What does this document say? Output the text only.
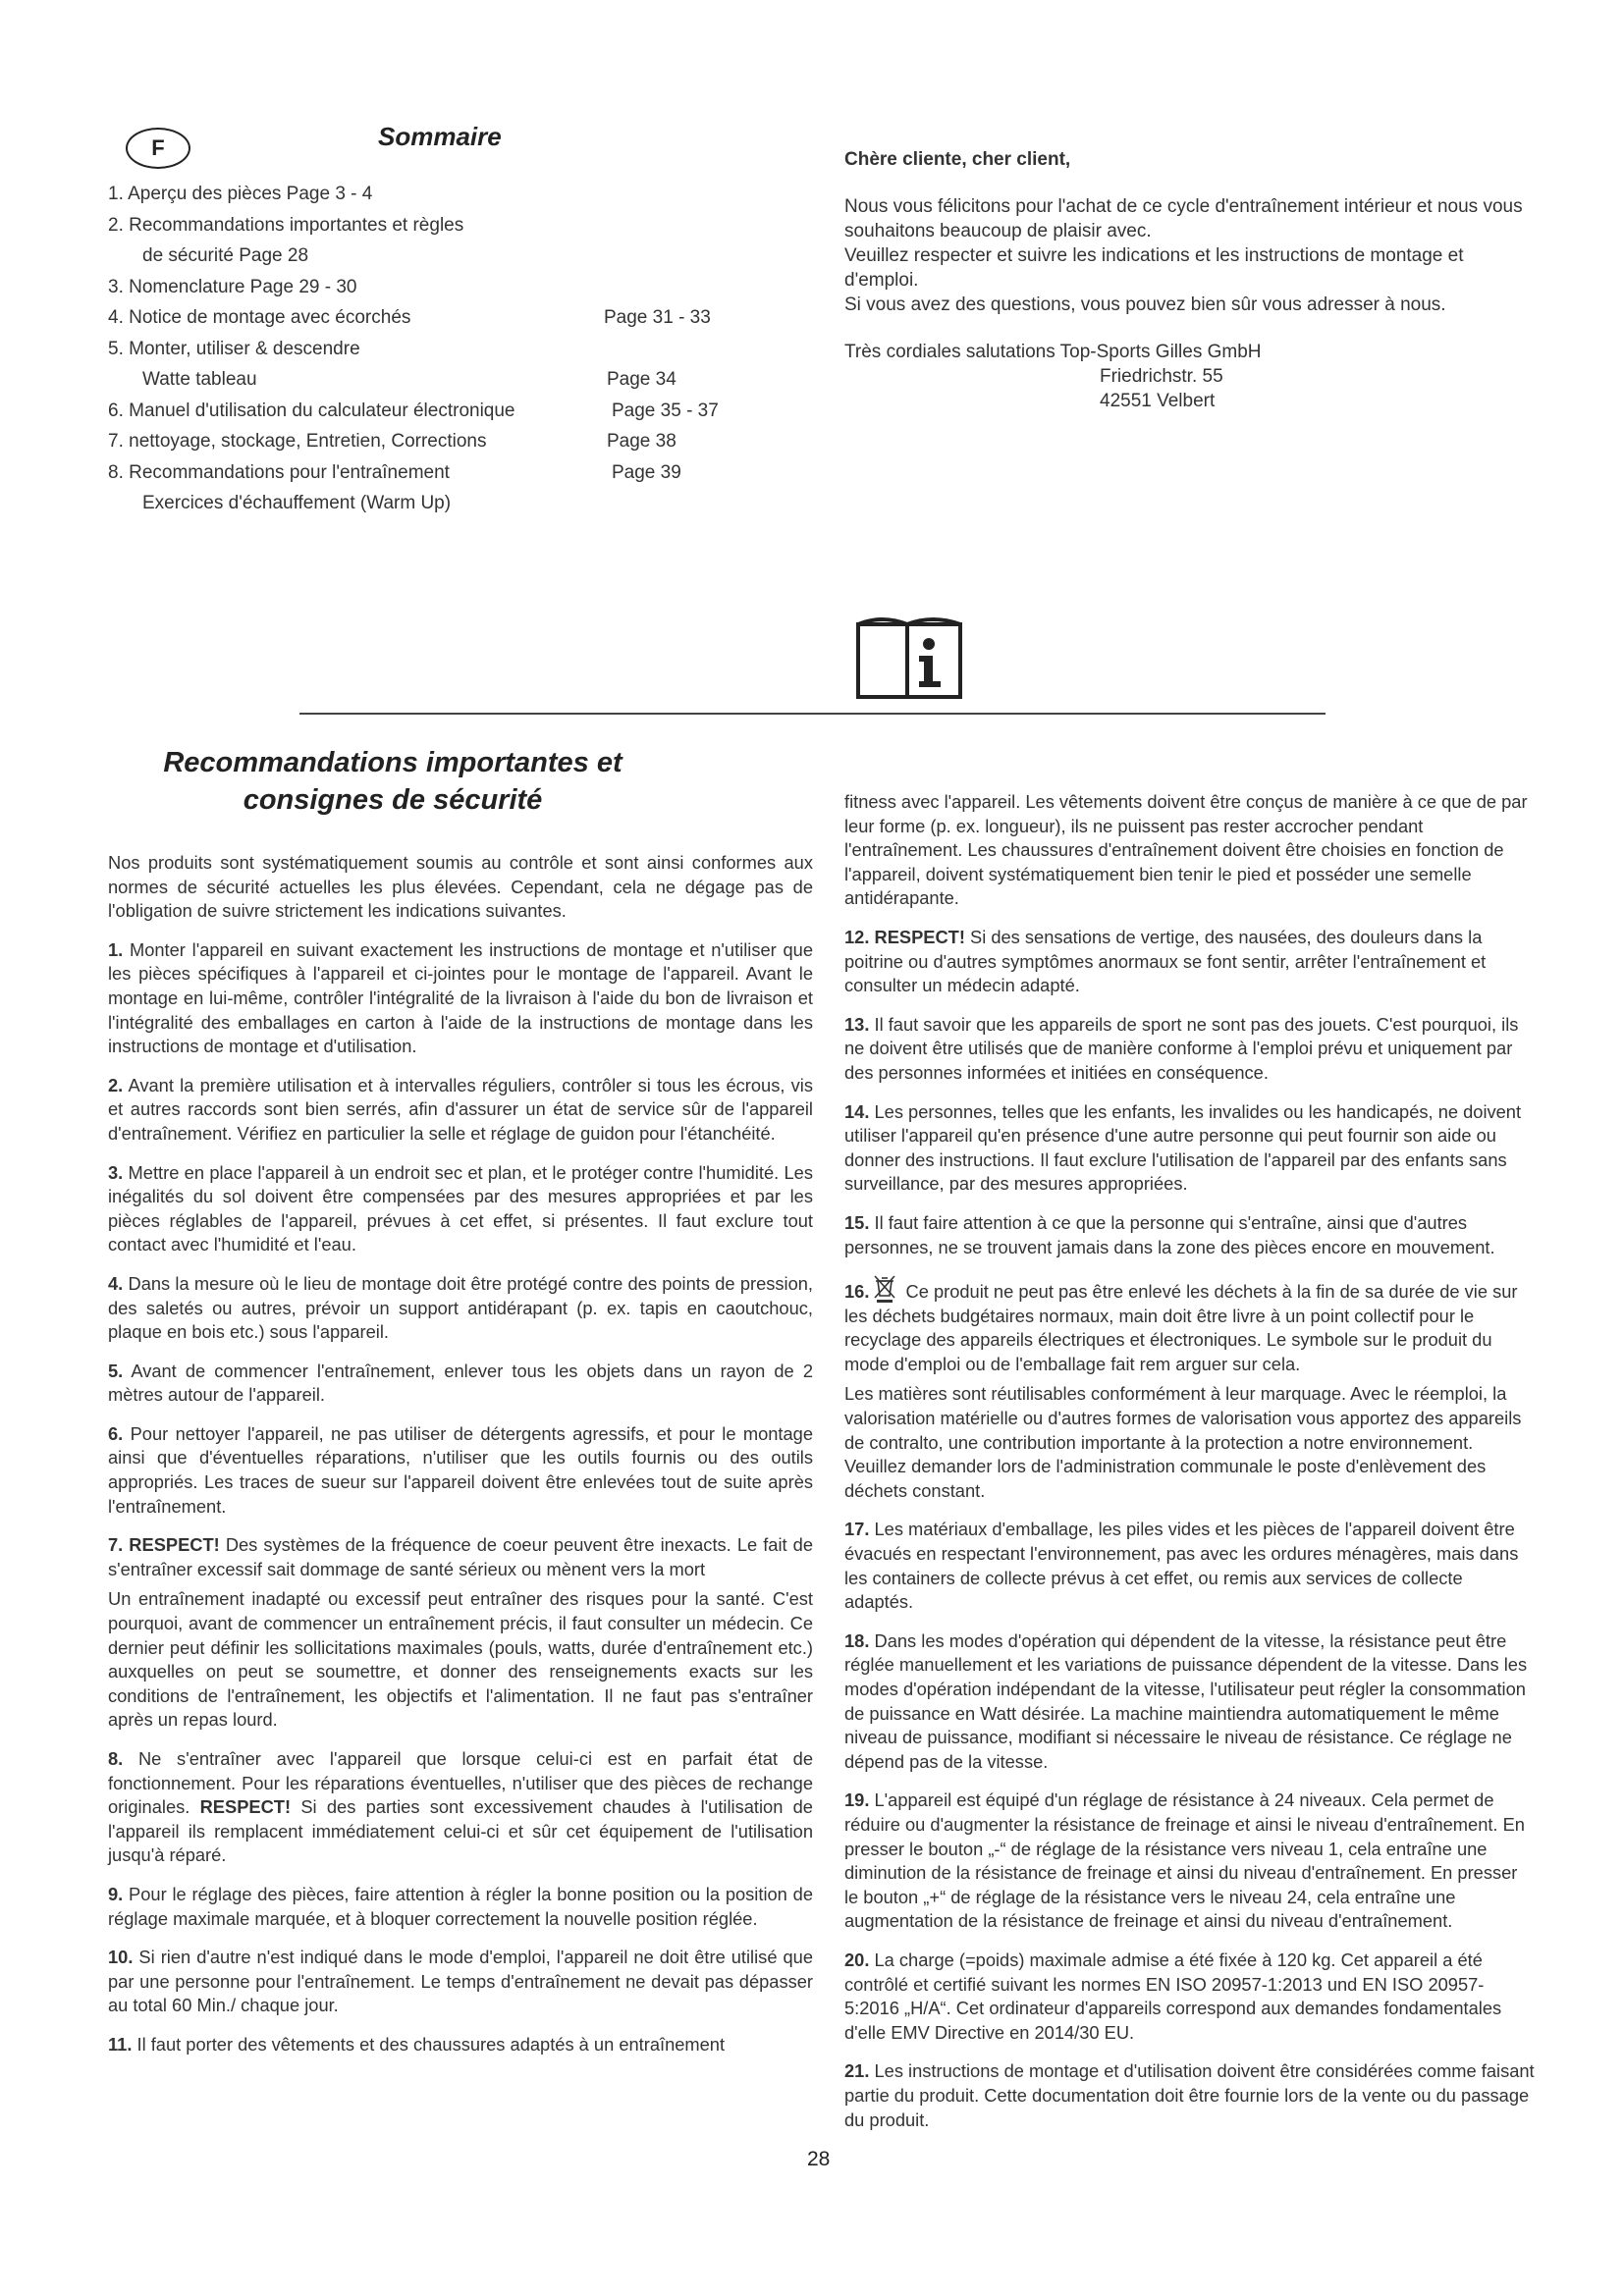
F	Sommaire
1. Aperçu des pièces Page 3 - 4
2. Recommandations importantes et règles
de sécurité Page 28
3. Nomenclature Page 29 - 30
4. Notice de montage avec écorchés	Page 31 - 33
5. Monter, utiliser & descendre
Watte tableau	Page 34
6. Manuel d'utilisation du calculateur électronique	Page 35 - 37
7. nettoyage, stockage, Entretien, Corrections	Page 38
8. Recommandations pour l'entraînement	Page 39
Exercices d'échauffement (Warm Up)
Chère cliente, cher client,
Nous vous félicitons pour l'achat de ce cycle d'entraînement intérieur et nous vous souhaitons beaucoup de plaisir avec.
Veuillez respecter et suivre les indications et les instructions de montage et d'emploi.
Si vous avez des questions, vous pouvez bien sûr vous adresser à nous.
Très cordiales salutations Top-Sports Gilles GmbH
Friedrichstr. 55
42551 Velbert
Recommandations importantes et
consignes de sécurité

Nos produits sont systématiquement soumis au contrôle et sont ainsi conformes aux normes de sécurité actuelles les plus élevées. Cependant, cela ne dégage pas de l'obligation de suivre strictement les indications suivantes.

1. Monter l'appareil en suivant exactement les instructions de montage et n'utiliser que les pièces spécifiques à l'appareil et ci-jointes pour le montage de l'appareil. Avant le montage en lui-même, contrôler l'intégralité de la livraison à l'aide du bon de livraison et l'intégralité des emballages en carton à l'aide de la instructions de montage dans les instructions de montage et d'utilisation.

2. Avant la première utilisation et à intervalles réguliers, contrôler si tous les écrous, vis et autres raccords sont bien serrés, afin d'assurer un état de service sûr de l'appareil d'entraînement. Vérifiez en particulier la selle et réglage de guidon pour l'étanchéité.

3. Mettre en place l'appareil à un endroit sec et plan, et le protéger contre l'humidité. Les inégalités du sol doivent être compensées par des mesures appropriées et par les pièces réglables de l'appareil, prévues à cet effet, si présentes. Il faut exclure tout contact avec l'humidité et l'eau.

4. Dans la mesure où le lieu de montage doit être protégé contre des points de pression, des saletés ou autres, prévoir un support antidérapant (p. ex. tapis en caoutchouc, plaque en bois etc.) sous l'appareil.

5. Avant de commencer l'entraînement, enlever tous les objets dans un rayon de 2 mètres autour de l'appareil.

6. Pour nettoyer l'appareil, ne pas utiliser de détergents agressifs, et pour le montage ainsi que d'éventuelles réparations, n'utiliser que les outils fournis ou des outils appropriés. Les traces de sueur sur l'appareil doivent être enlevées tout de suite après l'entraînement.

7. RESPECT! Des systèmes de la fréquence de coeur peuvent être inexacts. Le fait de s'entraîner excessif sait dommage de santé sérieux ou mènent vers la mort

Un entraînement inadapté ou excessif peut entraîner des risques pour la santé. C'est pourquoi, avant de commencer un entraînement précis, il faut consulter un médecin. Ce dernier peut définir les sollicitations maximales (pouls, watts, durée d'entraînement etc.) auxquelles on peut se soumettre, et donner des renseignements exacts sur les conditions de l'entraînement, les objectifs et l'alimentation. Il ne faut pas s'entraîner après un repas lourd.

8. Ne s'entraîner avec l'appareil que lorsque celui-ci est en parfait état de fonctionnement. Pour les réparations éventuelles, n'utiliser que des pièces de rechange originales. RESPECT! Si des parties sont excessivement chaudes à l'utilisation de l'appareil ils remplacent immédiatement celui-ci et sûr cet équipement de l'utilisation jusqu'à réparé.

9. Pour le réglage des pièces, faire attention à régler la bonne position ou la position de réglage maximale marquée, et à bloquer correctement la nouvelle position réglée.

10. Si rien d'autre n'est indiqué dans le mode d'emploi, l'appareil ne doit être utilisé que par une personne pour l'entraînement. Le temps d'entraînement ne devait pas dépasser au total 60 Min./ chaque jour.

11. Il faut porter des vêtements et des chaussures adaptés à un entraînement

fitness avec l'appareil. Les vêtements doivent être conçus de manière à ce que de par leur forme (p. ex. longueur), ils ne puissent pas rester accrocher pendant l'entraînement. Les chaussures d'entraînement doivent être choisies en fonction de l'appareil, doivent systématiquement bien tenir le pied et posséder une semelle antidérapante.

12. RESPECT! Si des sensations de vertige, des nausées, des douleurs dans la poitrine ou d'autres symptômes anormaux se font sentir, arrêter l'entraînement et consulter un médecin adapté.

13. Il faut savoir que les appareils de sport ne sont pas des jouets. C'est pourquoi, ils ne doivent être utilisés que de manière conforme à l'emploi prévu et uniquement par des personnes informées et initiées en conséquence.

14. Les personnes, telles que les enfants, les invalides ou les handicapés, ne doivent utiliser l'appareil qu'en présence d'une autre personne qui peut fournir son aide ou donner des instructions. Il faut exclure l'utilisation de l'appareil par des enfants sans surveillance, par des mesures appropriées.

15. Il faut faire attention à ce que la personne qui s'entraîne, ainsi que d'autres personnes, ne se trouvent jamais dans la zone des pièces encore en mouvement.

16. Ce produit ne peut pas être enlevé les déchets à la fin de sa durée de vie sur les déchets budgétaires normaux, main doit être livre à un point collectif pour le recyclage des appareils électriques et électroniques. Le symbole sur le produit du mode d'emploi ou de l'emballage fait rem arguer sur cela.

Les matières sont réutilisables conformément à leur marquage. Avec le réemploi, la valorisation matérielle ou d'autres formes de valorisation vous apportez des appareils de contralto, une contribution importante à la protection a notre environnement. Veuillez demander lors de l'administration communale le poste d'enlèvement des déchets constant.

17. Les matériaux d'emballage, les piles vides et les pièces de l'appareil doivent être évacués en respectant l'environnement, pas avec les ordures ménagères, mais dans les containers de collecte prévus à cet effet, ou remis aux services de collecte adaptés.

18. Dans les modes d'opération qui dépendent de la vitesse, la résistance peut être réglée manuellement et les variations de puissance dépendent de la vitesse. Dans les modes d'opération indépendant de la vitesse, l'utilisateur peut régler la consommation de puissance en Watt désirée. La machine maintiendra automatiquement le même niveau de puissance, modifiant si nécessaire le niveau de résistance. Ce réglage ne dépend pas de la vitesse.

19. L'appareil est équipé d'un réglage de résistance à 24 niveaux. Cela permet de réduire ou d'augmenter la résistance de freinage et ainsi le niveau d'entraînement. En presser le bouton „-“ de réglage de la résistance vers niveau 1, cela entraîne une diminution de la résistance de freinage et ainsi du niveau d'entraînement. En presser le bouton „+“ de réglage de la résistance vers le niveau 24, cela entraîne une augmentation de la résistance de freinage et ainsi du niveau d'entraînement.

20. La charge (=poids) maximale admise a été fixée à 120 kg. Cet appareil a été contrôlé et certifié suivant les normes EN ISO 20957-1:2013 und EN ISO 20957-5:2016 „H/A“. Cet ordinateur d'appareils correspond aux demandes fondamentales d'elle EMV Directive en 2014/30 EU.

21. Les instructions de montage et d'utilisation doivent être considérées comme faisant partie du produit. Cette documentation doit être fournie lors de la vente ou du passage du produit.

28
